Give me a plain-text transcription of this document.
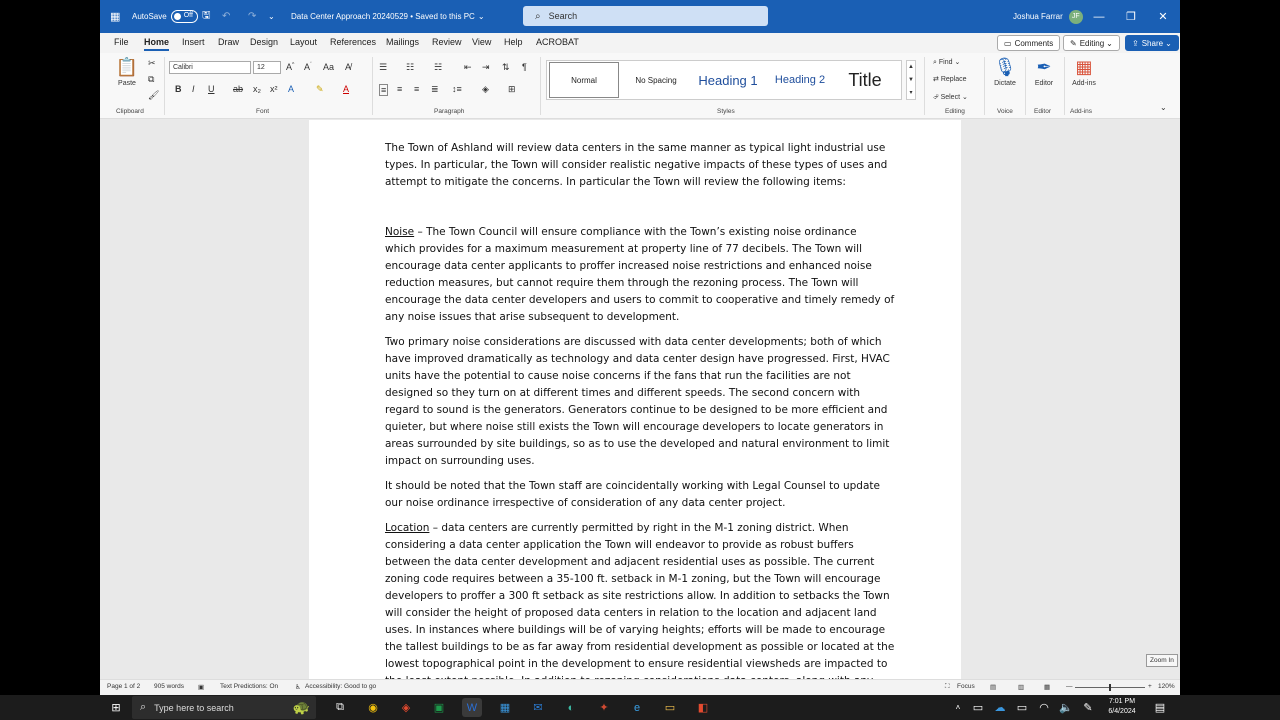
▦ AutoSave Off 🖫 ↶ ↷ ⌄ Data Center Approach 20240529 • Saved to this PC ⌄	⌕ Search	Joshua Farrar	JF	—	❐	✕
File Home Insert Draw Design Layout References Mailings Review View Help ACROBAT	▭ Comments ✎ Editing ⌄ ⇪ Share ⌄
📋
Paste
✂
⧉
🖌
Clipboard
Calibri	12	A^ $A^ˇ$ Aa A̸
B I U ab x₂ x² A ✎ A
Font
☰ ☷ ☵ ⇤ ⇥ ⇅ ¶
≡ ≡ ≡ ≣ ↕≡ ◈ ⊞
Paragraph
Normal	No Spacing	Heading 1	Heading 2	Title
▲
▼
▾
Styles
⌕ Find ⌄
⇄ Replace
⮰ Select ⌄
Editing
🎙
Dictate
Voice
✒
Editor
Editor
▦
Add-ins
Add-ins	⌄

The Town of Ashland will review data centers in the same manner as typical light industrial use
types. In particular, the Town will consider realistic negative impacts of these types of uses and
attempt to mitigate the concerns. In particular the Town will review the following items:

Noise – The Town Council will ensure compliance with the Town’s existing noise ordinance
which provides for a maximum measurement at property line of 77 decibels. The Town will
encourage data center applicants to proffer increased noise restrictions and enhanced noise
reduction measures, but cannot require them through the rezoning process. The Town will
encourage the data center developers and users to commit to cooperative and timely remedy of
any noise issues that arise subsequent to development.

Two primary noise considerations are discussed with data center developments; both of which
have improved dramatically as technology and data center design have progressed. First, HVAC
units have the potential to cause noise concerns if the fans that run the facilities are not
designed so they turn on at different times and different speeds. The second concern with
regard to sound is the generators. Generators continue to be designed to be more efficient and
quieter, but where noise still exists the Town will encourage developers to locate generators in
areas surrounded by site buildings, so as to use the developed and natural environment to limit
impact on surrounding uses.

It should be noted that the Town staff are coincidentally working with Legal Counsel to update
our noise ordinance irrespective of consideration of any data center project.

Location – data centers are currently permitted by right in the M-1 zoning district. When
considering a data center application the Town will endeavor to provide as robust buffers
between the data center development and adjacent residential uses as possible. The current
zoning code requires between a 35-100 ft. setback in M-1 zoning, but the Town will encourage
developers to proffer a 300 ft setback as site restrictions allow. In addition to setbacks the Town
will consider the height of proposed data centers in relation to the location and adjacent land
uses. In instances where buildings will be of varying heights; efforts will be made to encourage
the tallest buildings to be as far away from residential development as possible or located at the
lowest topographical point in the development to ensure residential viewsheds are impacted to	Zoom In
Page 1 of 2 905 words ▣ Text Predictions: On	♿ Accessibility: Good to go	⛶ Focus ▤	▥	▦ —	+ 120%
⊞	⌕ Type here to search	🐢	⧉	◉	◈	▣	W	▦	✉	◐	✦	e	▭	◧	˄	▭	☁	▭	◠ 🔈 ✎
7:01 PM
6/4/2024	▤
